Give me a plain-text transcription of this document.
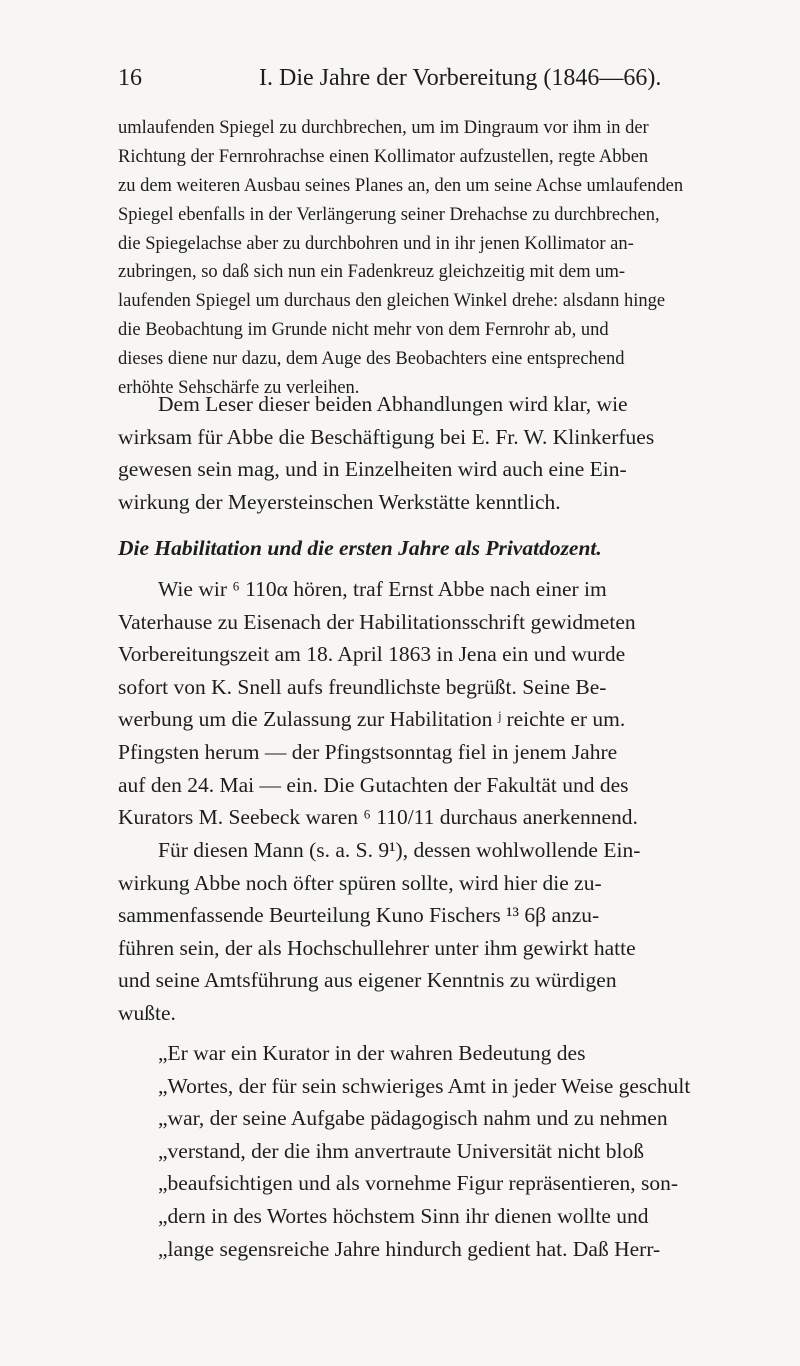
16	I. Die Jahre der Vorbereitung (1846—66).
umlaufenden Spiegel zu durchbrechen, um im Dingraum vor ihm in der
Richtung der Fernrohrachse einen Kollimator aufzustellen, regte Abben
zu dem weiteren Ausbau seines Planes an, den um seine Achse umlaufenden
Spiegel ebenfalls in der Verlängerung seiner Drehachse zu durchbrechen,
die Spiegelachse aber zu durchbohren und in ihr jenen Kollimator an-
zubringen, so daß sich nun ein Fadenkreuz gleichzeitig mit dem um-
laufenden Spiegel um durchaus den gleichen Winkel drehe: alsdann hinge
die Beobachtung im Grunde nicht mehr von dem Fernrohr ab, und
dieses diene nur dazu, dem Auge des Beobachters eine entsprechend
erhöhte Sehschärfe zu verleihen.
Dem Leser dieser beiden Abhandlungen wird klar, wie
wirksam für Abbe die Beschäftigung bei E. Fr. W. Klinkerfues
gewesen sein mag, und in Einzelheiten wird auch eine Ein-
wirkung der Meyersteinschen Werkstätte kenntlich.
Die Habilitation und die ersten Jahre als Privatdozent.
Wie wir ⁶ 110α hören, traf Ernst Abbe nach einer im
Vaterhause zu Eisenach der Habilitationsschrift gewidmeten
Vorbereitungszeit am 18. April 1863 in Jena ein und wurde
sofort von K. Snell aufs freundlichste begrüßt. Seine Be-
werbung um die Zulassung zur Habilitation ʲ reichte er um.
Pfingsten herum — der Pfingstsonntag fiel in jenem Jahre
auf den 24. Mai — ein. Die Gutachten der Fakultät und des
Kurators M. Seebeck waren ⁶ 110/11 durchaus anerkennend.
Für diesen Mann (s. a. S. 9¹), dessen wohlwollende Ein-
wirkung Abbe noch öfter spüren sollte, wird hier die zu-
sammenfassende Beurteilung Kuno Fischers ¹³ 6β anzu-
führen sein, der als Hochschullehrer unter ihm gewirkt hatte
und seine Amtsführung aus eigener Kenntnis zu würdigen
wußte.
„Er war ein Kurator in der wahren Bedeutung des
„Wortes, der für sein schwieriges Amt in jeder Weise geschult
„war, der seine Aufgabe pädagogisch nahm und zu nehmen
„verstand, der die ihm anvertraute Universität nicht bloß
„beaufsichtigen und als vornehme Figur repräsentieren, son-
„dern in des Wortes höchstem Sinn ihr dienen wollte und
„lange segensreiche Jahre hindurch gedient hat. Daß Herr-
